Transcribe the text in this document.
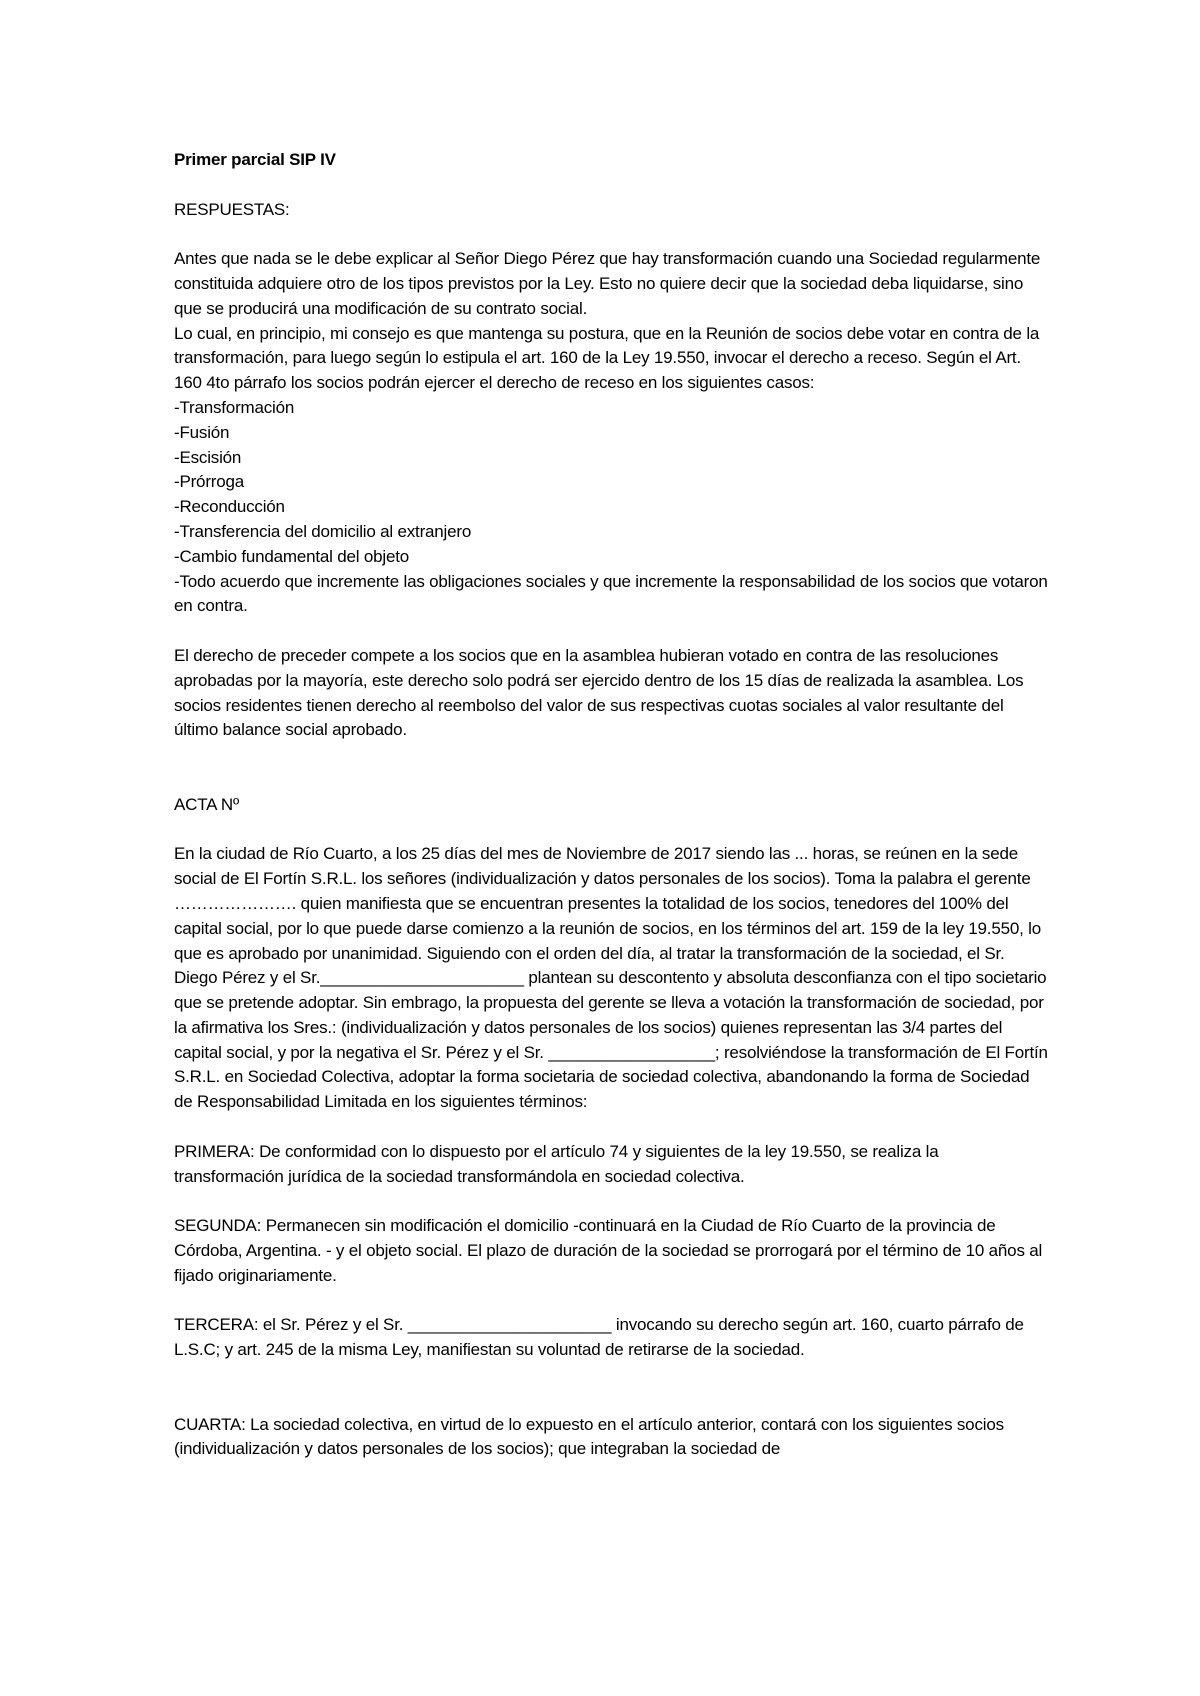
Primer parcial SIP IV

RESPUESTAS:

Antes que nada se le debe explicar al Señor Diego Pérez que hay transformación cuando una Sociedad regularmente constituida adquiere otro de los tipos previstos por la Ley. Esto no quiere decir que la sociedad deba liquidarse, sino que se producirá una modificación de su contrato social.

Lo cual, en principio, mi consejo es que mantenga su postura, que en la Reunión de socios debe votar en contra de la transformación, para luego según lo estipula el art. 160 de la Ley 19.550, invocar el derecho a receso. Según el Art. 160 4to párrafo los socios podrán ejercer el derecho de receso en los siguientes casos:

-Transformación
-Fusión
-Escisión
-Prórroga
-Reconducción
-Transferencia del domicilio al extranjero
-Cambio fundamental del objeto
-Todo acuerdo que incremente las obligaciones sociales y que incremente la responsabilidad de los socios que votaron en contra.

El derecho de preceder compete a los socios que en la asamblea hubieran votado en contra de las resoluciones aprobadas por la mayoría, este derecho solo podrá ser ejercido dentro de los 15 días de realizada la asamblea. Los socios residentes tienen derecho al reembolso del valor de sus respectivas cuotas sociales al valor resultante del último balance social aprobado.

ACTA Nº

En la ciudad de Río Cuarto, a los 25 días del mes de Noviembre de 2017 siendo las ... horas, se reúnen en la sede social de El Fortín S.R.L. los señores (individualización y datos personales de los socios). Toma la palabra el gerente …………………. quien manifiesta que se encuentran presentes la totalidad de los socios, tenedores del 100% del capital social, por lo que puede darse comienzo a la reunión de socios, en los términos del art. 159 de la ley 19.550, lo que es aprobado por unanimidad. Siguiendo con el orden del día, al tratar la transformación de la sociedad, el Sr. Diego Pérez y el Sr.______________________ plantean su descontento y absoluta desconfianza con el tipo societario que se pretende adoptar. Sin embrago, la propuesta del gerente se lleva a votación la transformación de sociedad, por la afirmativa los Sres.: (individualización y datos personales de los socios) quienes representan las 3/4 partes del capital social, y por la negativa el Sr. Pérez y el Sr. __________________; resolviéndose la transformación de El Fortín S.R.L. en Sociedad Colectiva, adoptar la forma societaria de sociedad colectiva, abandonando la forma de Sociedad de Responsabilidad Limitada en los siguientes términos:

PRIMERA: De conformidad con lo dispuesto por el artículo 74 y siguientes de la ley 19.550, se realiza la transformación jurídica de la sociedad transformándola en sociedad colectiva.

SEGUNDA: Permanecen sin modificación el domicilio -continuará en la Ciudad de Río Cuarto de la provincia de Córdoba, Argentina. - y el objeto social. El plazo de duración de la sociedad se prorrogará por el término de 10 años al fijado originariamente.

TERCERA: el Sr. Pérez y el Sr. ______________________ invocando su derecho según art. 160, cuarto párrafo de L.S.C; y art. 245 de la misma Ley, manifiestan su voluntad de retirarse de la sociedad.

CUARTA: La sociedad colectiva, en virtud de lo expuesto en el artículo anterior, contará con los siguientes socios (individualización y datos personales de los socios); que integraban la sociedad de
